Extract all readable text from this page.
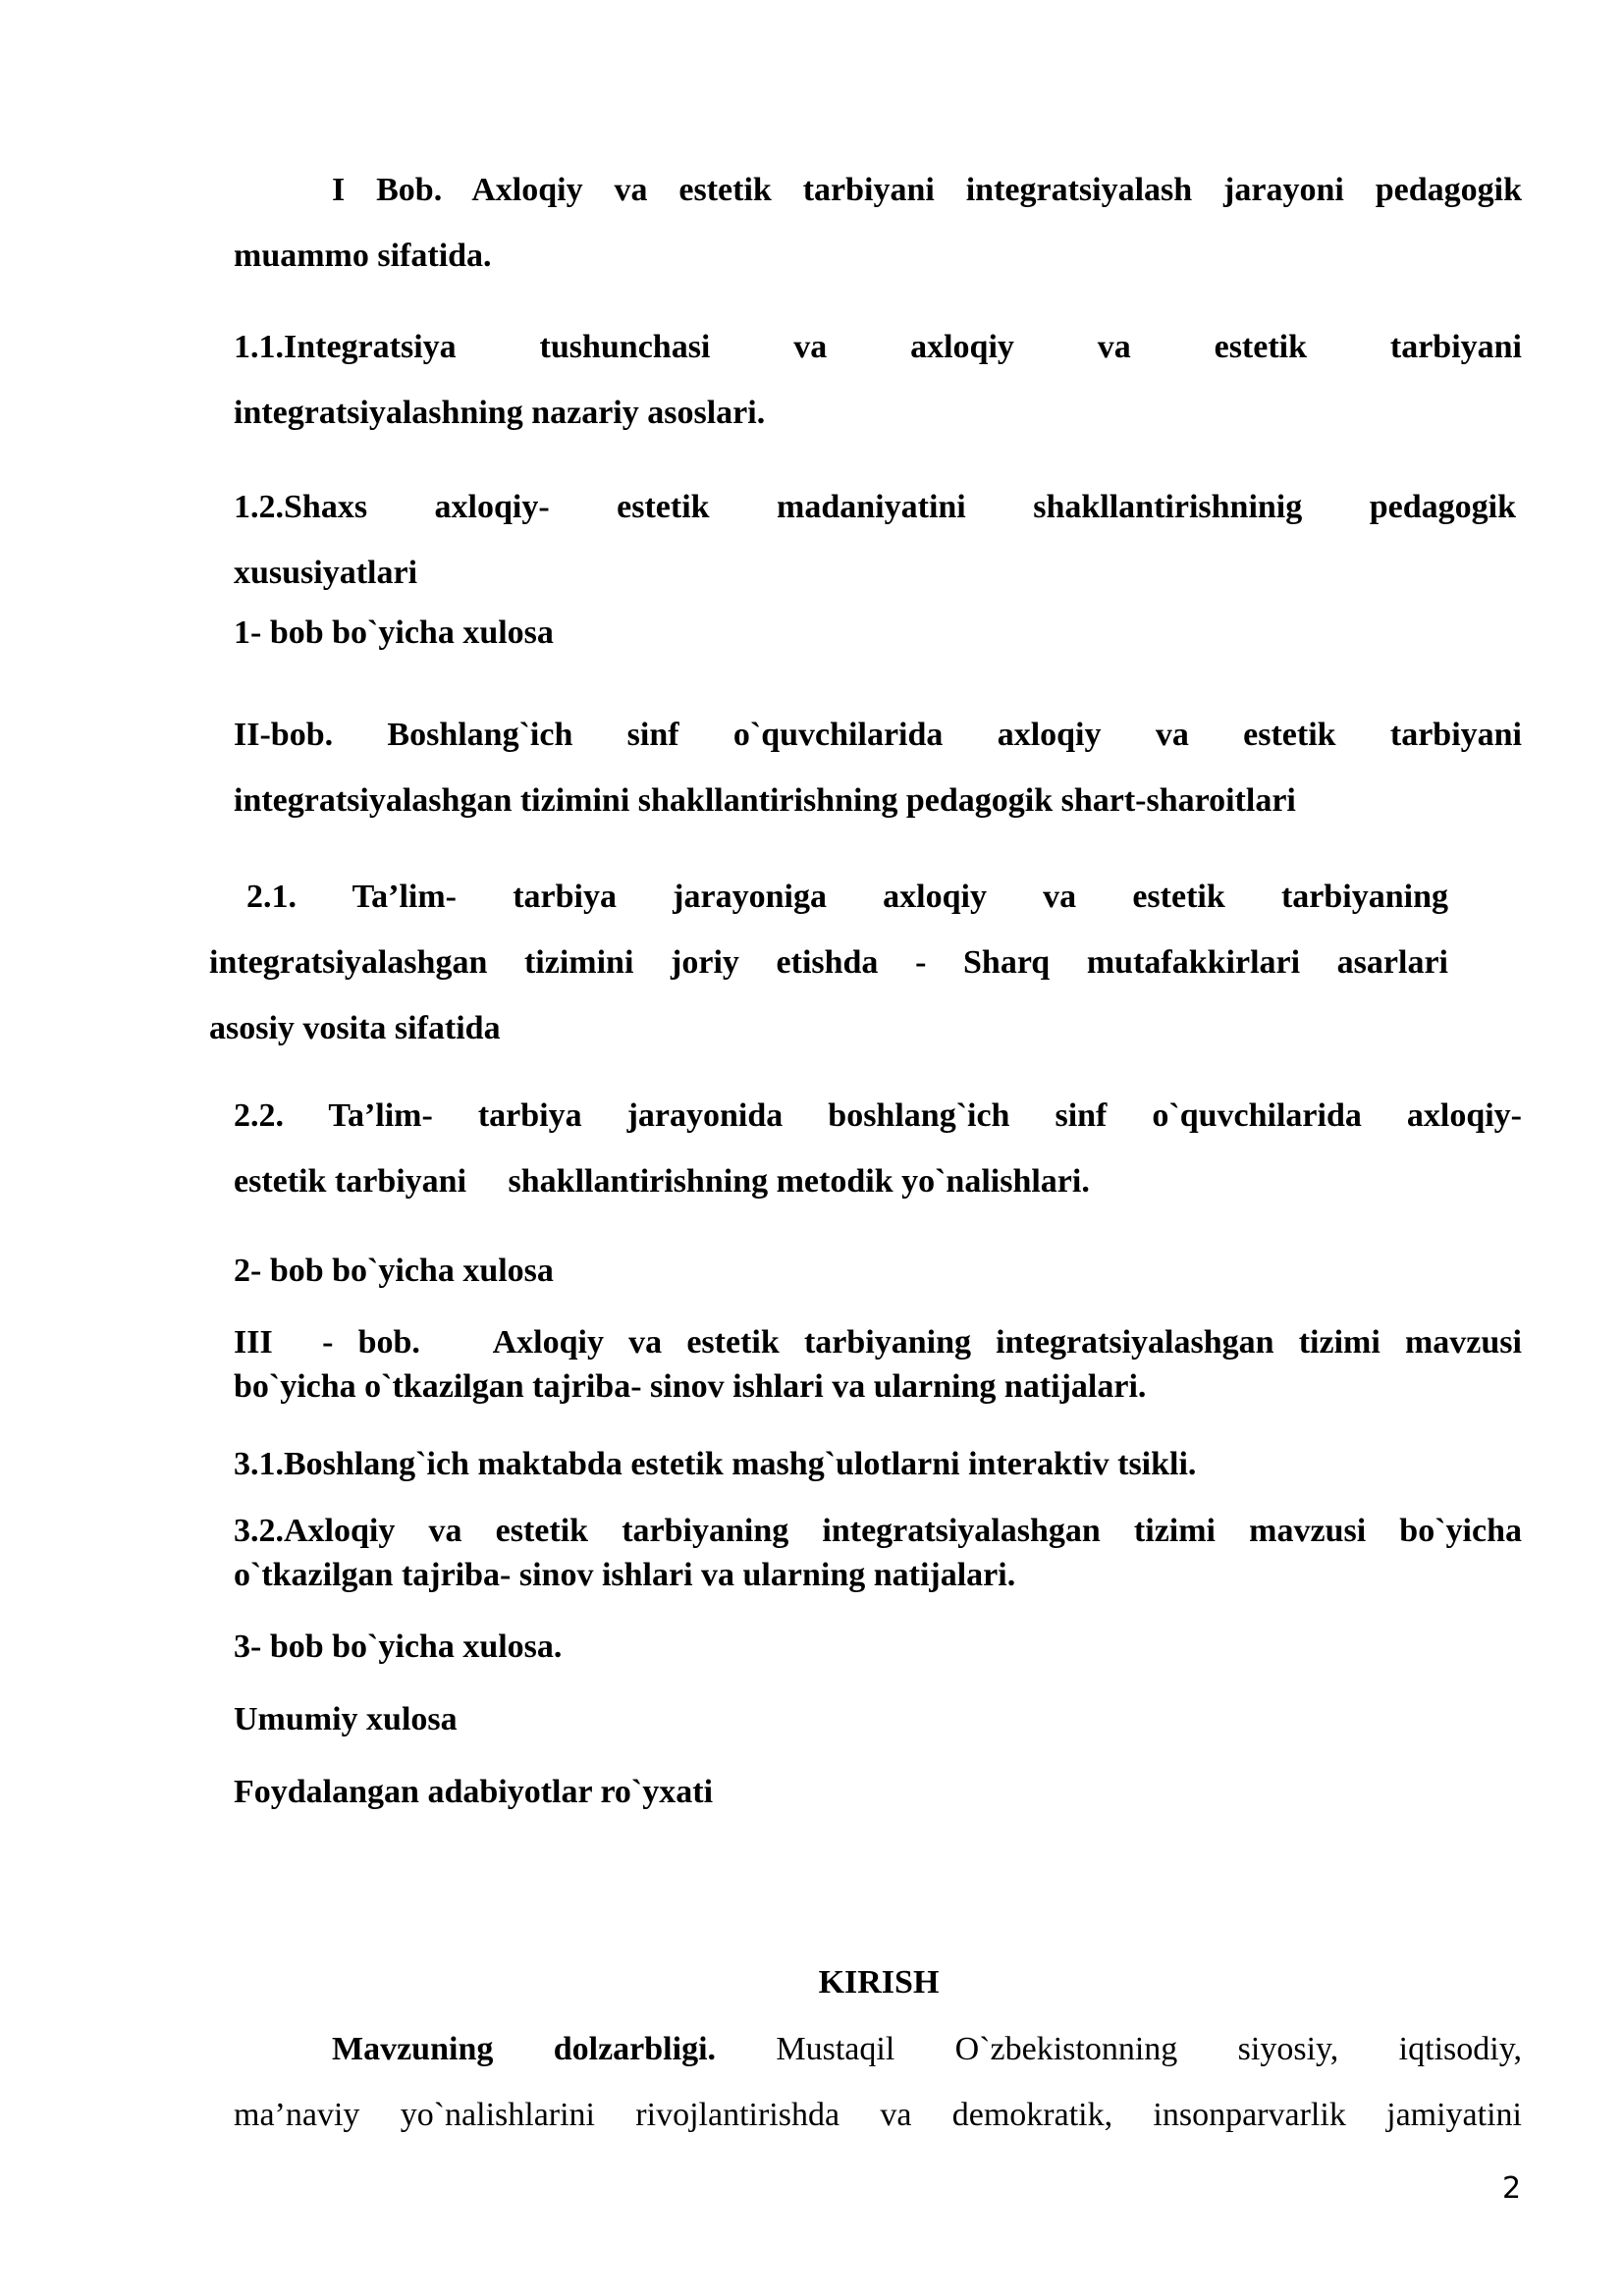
I Bob. Axloqiy va estetik tarbiyani integratsiyalash jarayoni pedagogik
muammo sifatida.
1.1.Integratsiya tushunchasi va axloqiy va estetik tarbiyani
integratsiyalashning nazariy asoslari.
1.2.Shaxs axloqiy- estetik madaniyatini shakllantirishninig pedagogik
xususiyatlari
1- bob bo`yicha xulosa
II-bob. Boshlang`ich sinf o`quvchilarida axloqiy va estetik tarbiyani
integratsiyalashgan tizimini shakllantirishning pedagogik shart-sharoitlari
2.1. Ta’lim- tarbiya jarayoniga axloqiy va estetik tarbiyaning
integratsiyalashgan tizimini joriy etishda - Sharq mutafakkirlari asarlari
asosiy vosita sifatida
2.2. Ta’lim- tarbiya jarayonida boshlang`ich sinf o`quvchilarida axloqiy-
estetik tarbiyani     shakllantirishning metodik yo`nalishlari.
2- bob bo`yicha xulosa
III  - bob.   Axloqiy va estetik tarbiyaning integratsiyalashgan tizimi mavzusi
bo`yicha o`tkazilgan tajriba- sinov ishlari va ularning natijalari.
3.1.Boshlang`ich maktabda estetik mashg`ulotlarni interaktiv tsikli.
3.2.Axloqiy va estetik tarbiyaning integratsiyalashgan tizimi mavzusi bo`yicha
o`tkazilgan tajriba- sinov ishlari va ularning natijalari.
3- bob bo`yicha xulosa.
Umumiy xulosa
Foydalangan adabiyotlar ro`yxati
KIRISH
Mavzuning dolzarbligi. Mustaqil O`zbekistonning siyosiy, iqtisodiy,
ma’naviy yo`nalishlarini rivojlantirishda va demokratik, insonparvarlik jamiyatini
2
